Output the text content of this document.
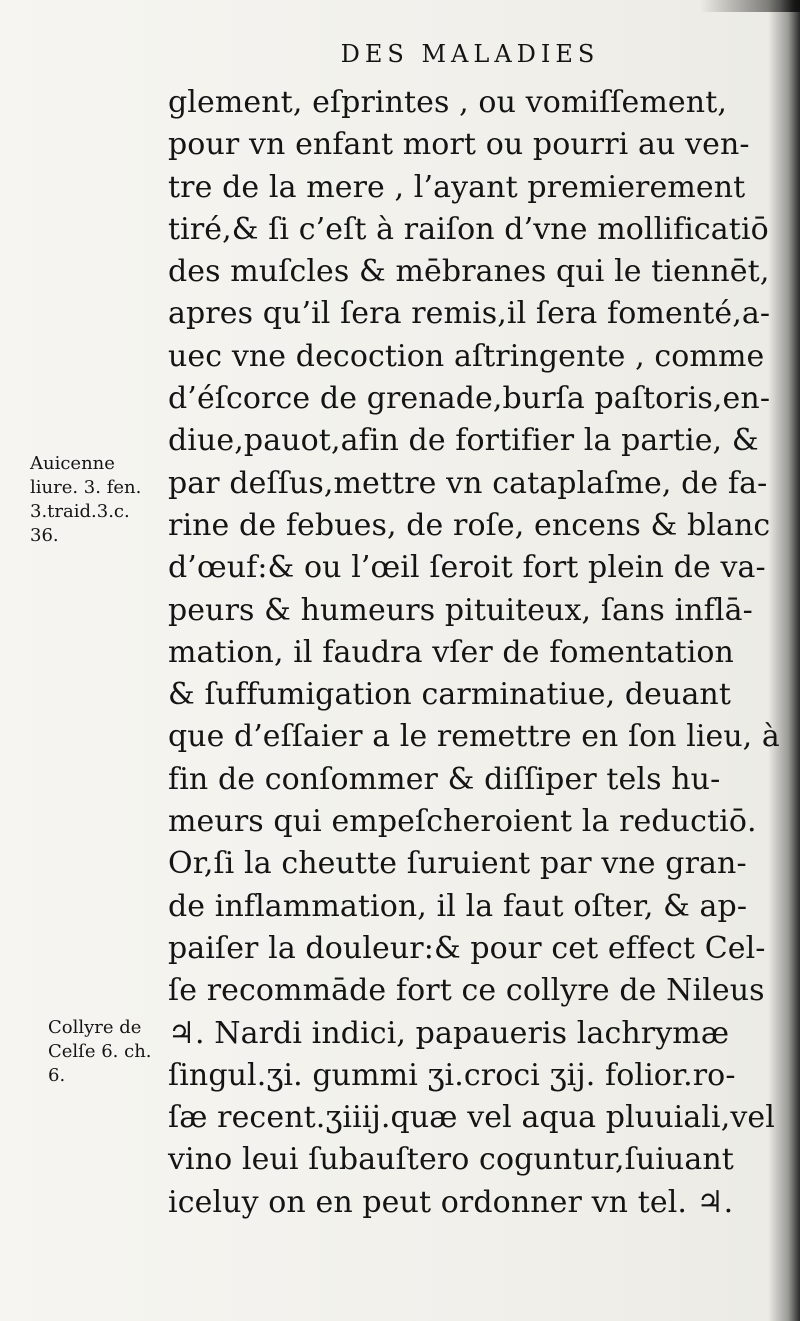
DES MALADIES
glement, eſprintes , ou vomiſſement,
pour vn enfant mort ou pourri au ven-
tre de la mere , l’ayant premierement
tiré,& ſi c’eſt à raiſon d’vne mollificatiō
des muſcles & mēbranes qui le tiennēt,
apres qu’il ſera remis,il ſera fomenté,a-
uec vne decoction aſtringente , comme
d’éſcorce de grenade,burſa paſtoris,en-
diue,pauot,afin de fortifier la partie, &
par deſſus,mettre vn cataplaſme, de fa-
rine de febues, de roſe, encens & blanc
d’œuf:& ou l’œil ſeroit fort plein de va-
peurs & humeurs pituiteux, ſans inflā-
mation, il faudra vſer de fomentation
& ſuffumigation carminatiue, deuant
que d’eſſaier a le remettre en ſon lieu, à
fin de conſommer & diſſiper tels hu-
meurs qui empeſcheroient la reductiō.
Or,ſi la cheutte ſuruient par vne gran-
de inflammation, il la faut oſter, & ap-
paiſer la douleur:& pour cet effect Cel-
ſe recommāde fort ce collyre de Nileus
♃. Nardi indici, papaueris lachrymæ
ſingul.ʒi. gummi ʒi.croci ʒij. folior.ro-
ſæ recent.ʒiiij.quæ vel aqua pluuiali,vel
vino leui ſubauſtero coguntur,ſuiuant
iceluy on en peut ordonner vn tel. ♃.
Auicenne
liure. 3. fen.
3.traid.3.c.
36.
Collyre de
Celſe 6. ch.
6.
